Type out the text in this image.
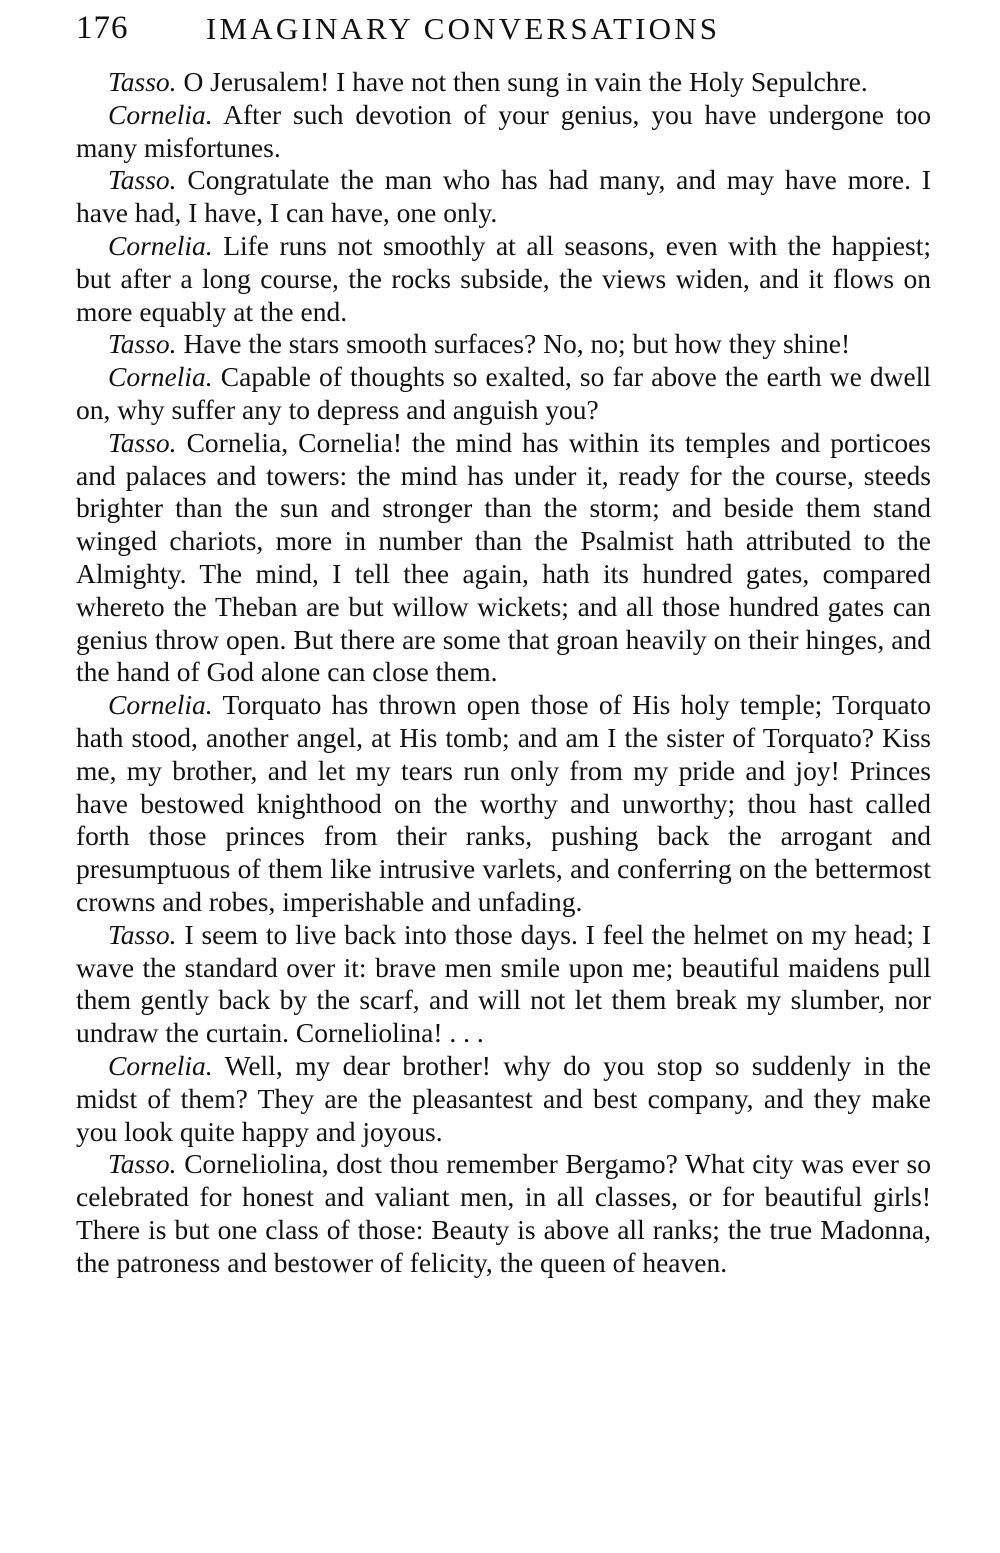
176	IMAGINARY CONVERSATIONS

Tasso. O Jerusalem! I have not then sung in vain the Holy Sepulchre.

Cornelia. After such devotion of your genius, you have undergone too many misfortunes.

Tasso. Congratulate the man who has had many, and may have more. I have had, I have, I can have, one only.

Cornelia. Life runs not smoothly at all seasons, even with the happiest; but after a long course, the rocks subside, the views widen, and it flows on more equably at the end.

Tasso. Have the stars smooth surfaces? No, no; but how they shine!

Cornelia. Capable of thoughts so exalted, so far above the earth we dwell on, why suffer any to depress and anguish you?

Tasso. Cornelia, Cornelia! the mind has within its temples and porticoes and palaces and towers: the mind has under it, ready for the course, steeds brighter than the sun and stronger than the storm; and beside them stand winged chariots, more in number than the Psalmist hath attributed to the Almighty. The mind, I tell thee again, hath its hundred gates, compared whereto the Theban are but willow wickets; and all those hundred gates can genius throw open. But there are some that groan heavily on their hinges, and the hand of God alone can close them.

Cornelia. Torquato has thrown open those of His holy temple; Torquato hath stood, another angel, at His tomb; and am I the sister of Torquato? Kiss me, my brother, and let my tears run only from my pride and joy! Princes have bestowed knighthood on the worthy and unworthy; thou hast called forth those princes from their ranks, pushing back the arrogant and presumptuous of them like intrusive varlets, and conferring on the bettermost crowns and robes, imperishable and unfading.

Tasso. I seem to live back into those days. I feel the helmet on my head; I wave the standard over it: brave men smile upon me; beautiful maidens pull them gently back by the scarf, and will not let them break my slumber, nor undraw the curtain. Corneliolina! . . .

Cornelia. Well, my dear brother! why do you stop so suddenly in the midst of them? They are the pleasantest and best company, and they make you look quite happy and joyous.

Tasso. Corneliolina, dost thou remember Bergamo? What city was ever so celebrated for honest and valiant men, in all classes, or for beautiful girls! There is but one class of those: Beauty is above all ranks; the true Madonna, the patroness and bestower of felicity, the queen of heaven.
